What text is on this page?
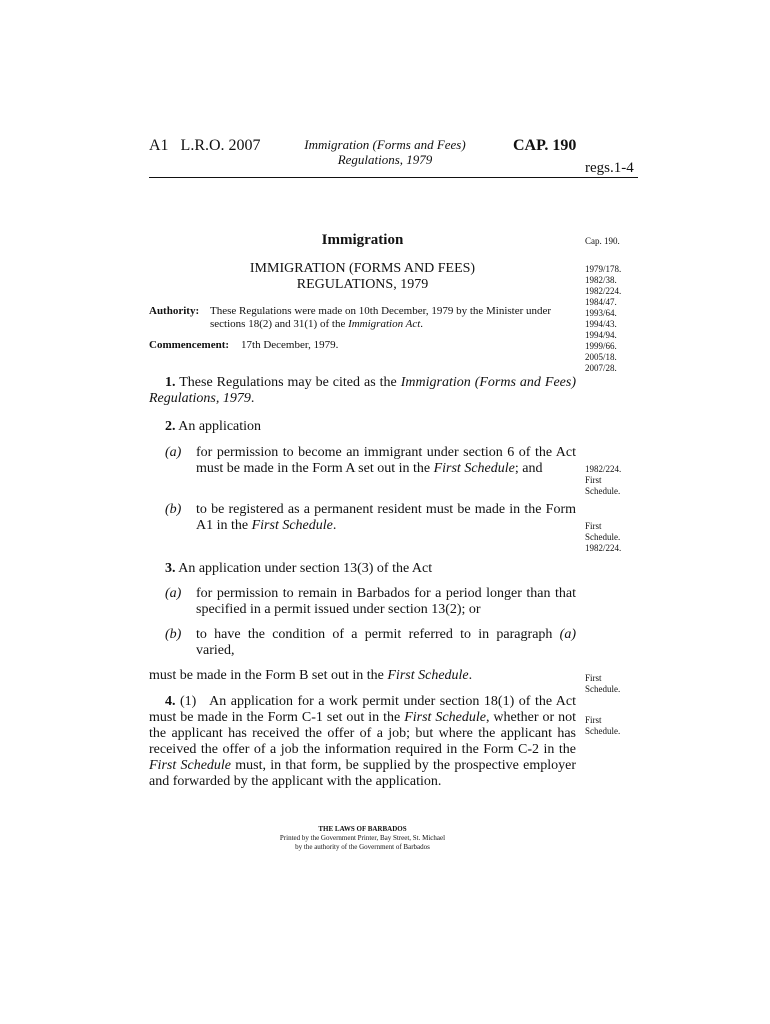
A1   L.R.O. 2007	Immigration (Forms and Fees)
Regulations, 1979
CAP. 190
regs.1-4
Immigration
IMMIGRATION (FORMS AND FEES)
REGULATIONS, 1979
Authority: These Regulations were made on 10th December, 1979 by the Minister under sections 18(2) and 31(1) of the Immigration Act.
Commencement: 17th December, 1979.
1. These Regulations may be cited as the Immigration (Forms and Fees) Regulations, 1979.
2. An application
(a) for permission to become an immigrant under section 6 of the Act must be made in the Form A set out in the First Schedule; and
(b) to be registered as a permanent resident must be made in the Form A1 in the First Schedule.
3. An application under section 13(3) of the Act
(a) for permission to remain in Barbados for a period longer than that specified in a permit issued under section 13(2); or
(b) to have the condition of a permit referred to in paragraph (a) varied,
must be made in the Form B set out in the First Schedule.
4. (1) An application for a work permit under section 18(1) of the Act must be made in the Form C-1 set out in the First Schedule, whether or not the applicant has received the offer of a job; but where the applicant has received the offer of a job the information required in the Form C-2 in the First Schedule must, in that form, be supplied by the prospective employer and forwarded by the applicant with the application.
Cap. 190.
1979/178.
1982/38.
1982/224.
1984/47.
1993/64.
1994/43.
1994/94.
1999/66.
2005/18.
2007/28.
1982/224.
First
Schedule.
First
Schedule.
1982/224.
First
Schedule.
First
Schedule.
THE LAWS OF BARBADOS
Printed by the Government Printer, Bay Street, St. Michael
by the authority of the Government of Barbados
